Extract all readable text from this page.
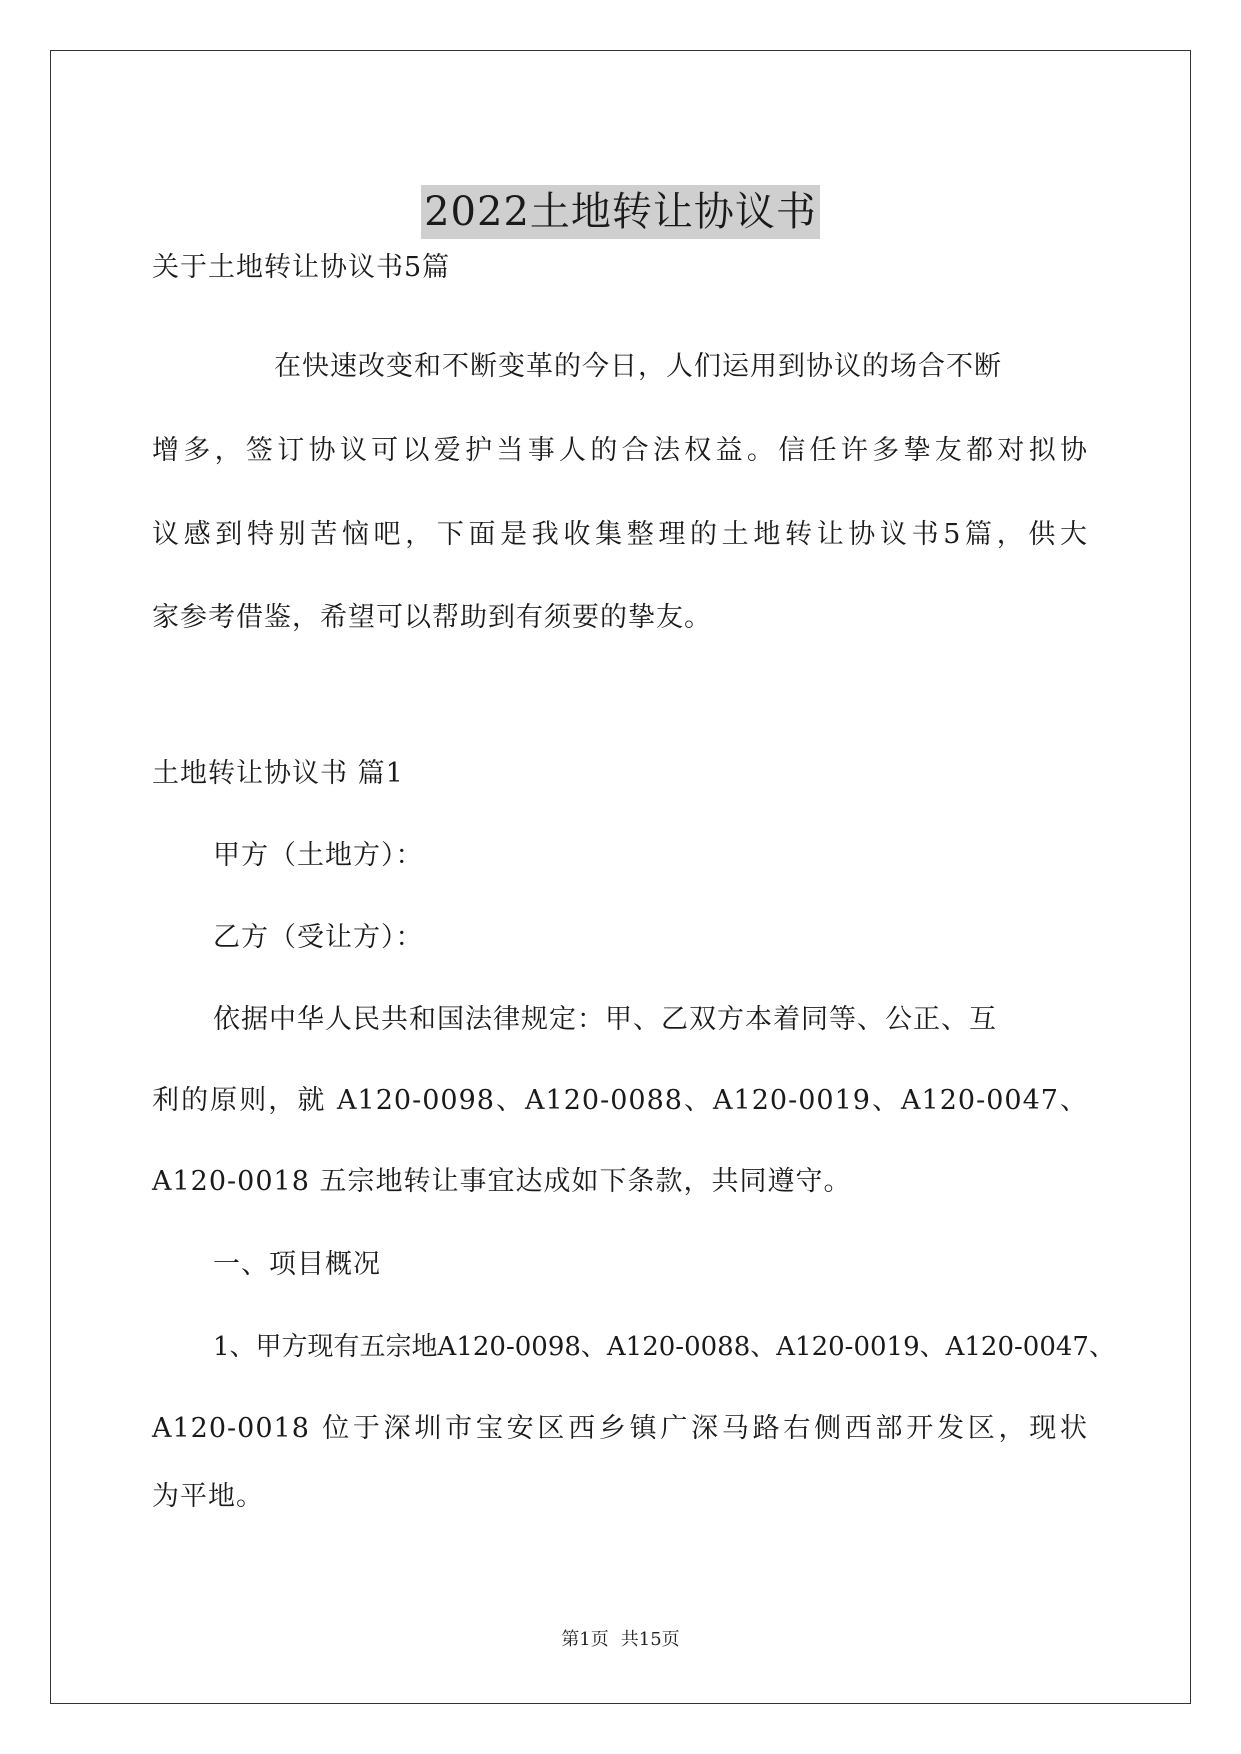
2022土地转让协议书
关于土地转让协议书5篇
在快速改变和不断变革的今日，人们运用到协议的场合不断
增多，签订协议可以爱护当事人的合法权益。信任许多挚友都对拟协
议感到特别苦恼吧，下面是我收集整理的土地转让协议书5篇，供大
家参考借鉴，希望可以帮助到有须要的挚友。
土地转让协议书 篇1
甲方（土地方）：
乙方（受让方）：
依据中华人民共和国法律规定：甲、乙双方本着同等、公正、互
利的原则，就 A120-0098、A120-0088、A120-0019、A120-0047、
A120-0018 五宗地转让事宜达成如下条款，共同遵守。
一、项目概况
1、甲方现有五宗地A120-0098、A120-0088、A120-0019、A120-0047、
A120-0018 位于深圳市宝安区西乡镇广深马路右侧西部开发区，现状
为平地。
第1页 共15页
